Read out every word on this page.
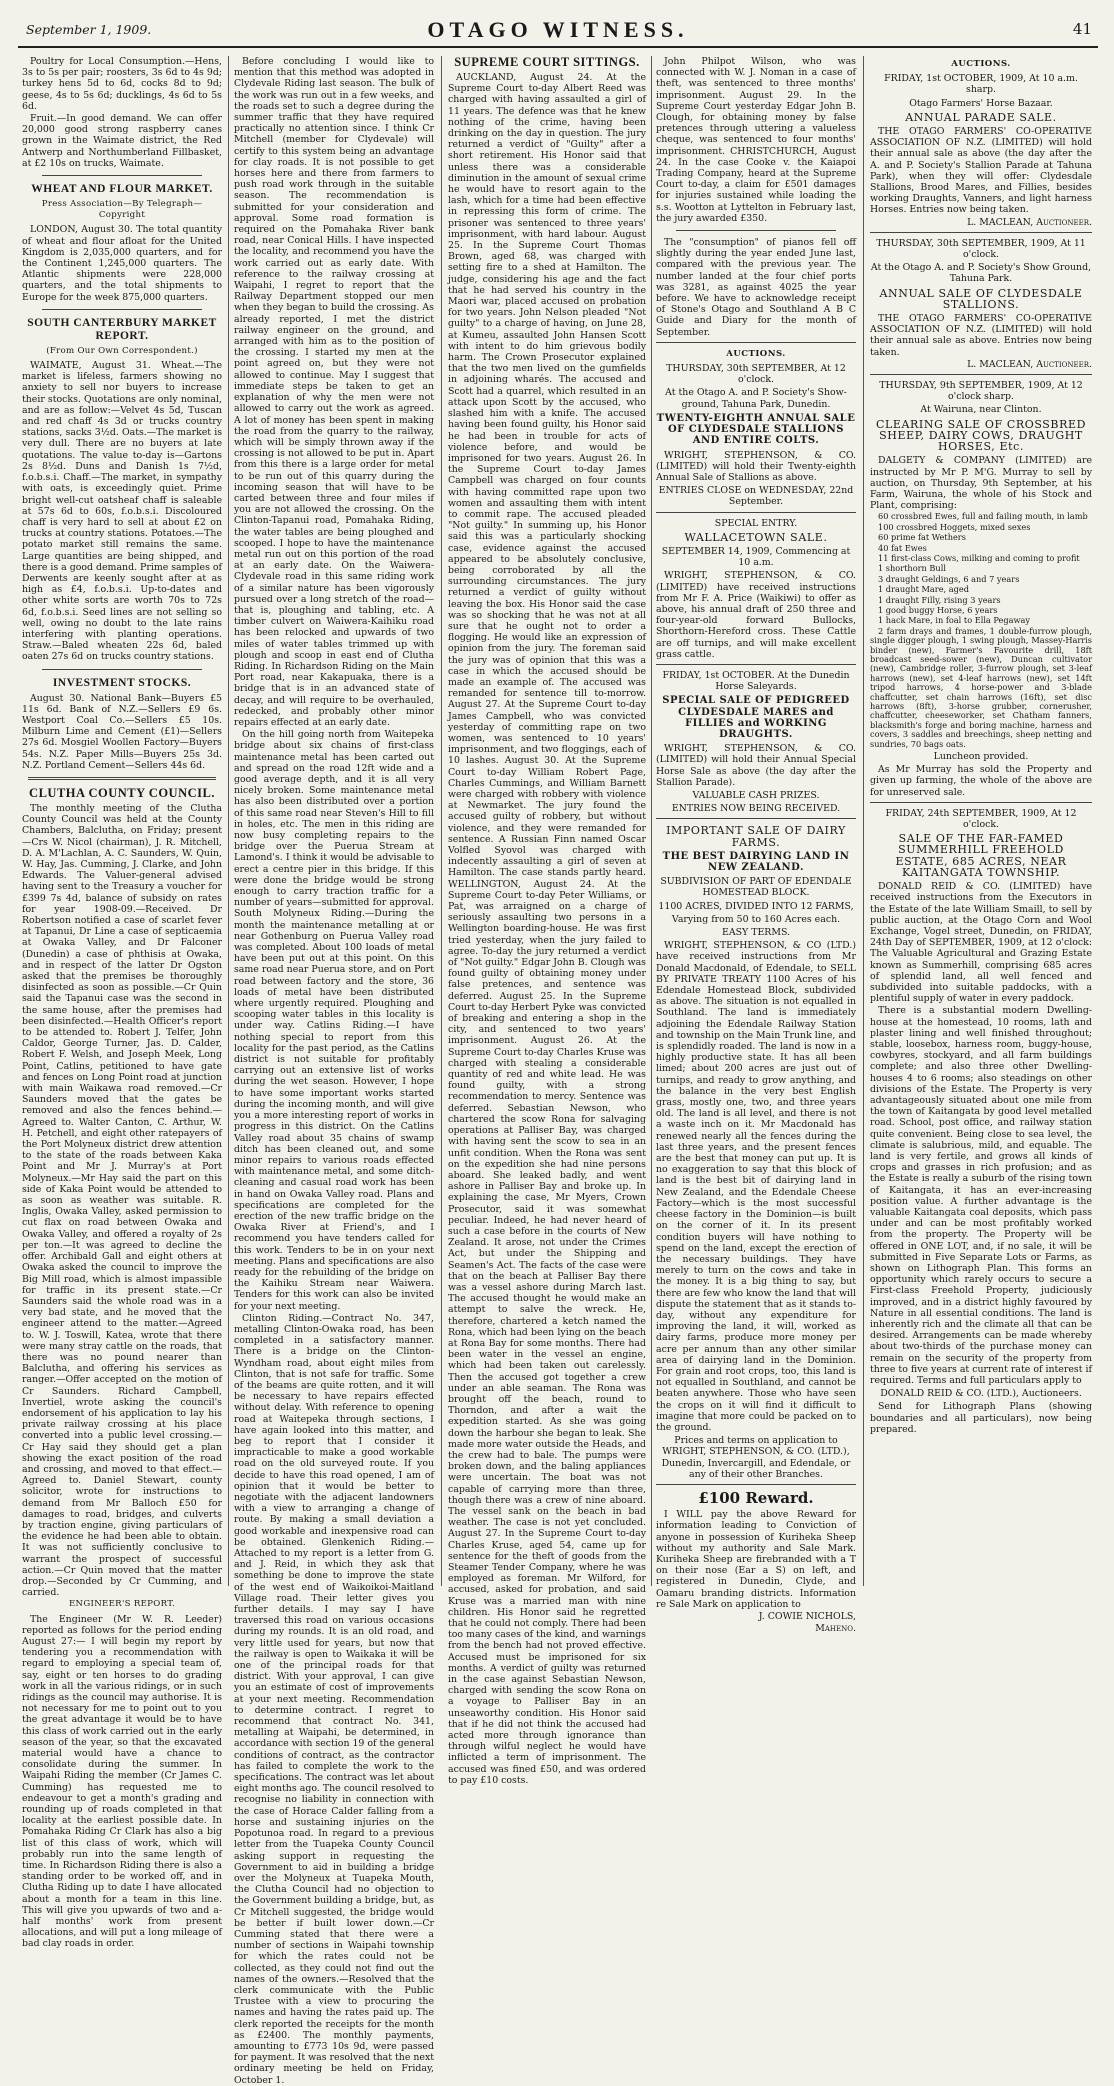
September 1, 1909.	OTAGO WITNESS.	41

Poultry for Local Consumption.—Hens, 3s to 5s per pair; roosters, 3s 6d to 4s 9d; turkey hens 5d to 6d, cocks 8d to 9d; geese, 4s to 5s 6d; ducklings, 4s 6d to 5s 6d.

Fruit.—In good demand. We can offer 20,000 good strong raspberry canes grown in the Waimate district, the Red Antwerp and Northumberland Fillbasket, at £2 10s on trucks, Waimate.

WHEAT AND FLOUR MARKET.
Press Association—By Telegraph—Copyright

LONDON, August 30. The total quantity of wheat and flour afloat for the United Kingdom is 2,035,000 quarters, and for the Continent 1,245,000 quarters. The Atlantic shipments were 228,000 quarters, and the total shipments to Europe for the week 875,000 quarters.

SOUTH CANTERBURY MARKET REPORT.
(From Our Own Correspondent.)

WAIMATE, August 31. Wheat.—The market is lifeless, farmers showing no anxiety to sell nor buyers to increase their stocks. Quotations are only nominal, and are as follow:—Velvet 4s 5d, Tuscan and red chaff 4s 3d or trucks country stations, sacks 3½d. Oats.—The market is very dull. There are no buyers at late quotations. The value to-day is—Gartons 2s 8½d. Duns and Danish 1s 7½d, f.o.b.s.i. Chaff.—The market, in sympathy with oats, is exceedingly quiet. Prime bright well-cut oatsheaf chaff is saleable at 57s 6d to 60s, f.o.b.s.i. Discoloured chaff is very hard to sell at about £2 on trucks at country stations. Potatoes.—The potato market still remains the same. Large quantities are being shipped, and there is a good demand. Prime samples of Derwents are keenly sought after at as high as £4, f.o.b.s.i. Up-to-dates and other white sorts are worth 70s to 72s 6d, f.o.b.s.i. Seed lines are not selling so well, owing no doubt to the late rains interfering with planting operations. Straw.—Baled wheaten 22s 6d, baled oaten 27s 6d on trucks country stations.

INVESTMENT STOCKS.

August 30. National Bank—Buyers £5 11s 6d. Bank of N.Z.—Sellers £9 6s. Westport Coal Co.—Sellers £5 10s. Milburn Lime and Cement (£1)—Sellers 27s 6d. Mosgiel Woollen Factory—Buyers 54s. N.Z. Paper Mills—Buyers 25s 3d. N.Z. Portland Cement—Sellers 44s 6d.

CLUTHA COUNTY COUNCIL.

The monthly meeting of the Clutha County Council was held at the County Chambers, Balclutha, on Friday; present—Crs W. Nicol (chairman), J. R. Mitchell, D. A. M'Lachlan, A. C. Saunders, W. Quin, W. Hay, Jas. Cumming, J. Clarke, and John Edwards. The Valuer-general advised having sent to the Treasury a voucher for £399 7s 4d, balance of subsidy on rates for year 1908-09.—Received. Dr Robertson notified a case of scarlet fever at Tapanui, Dr Line a case of septicaemia at Owaka Valley, and Dr Falconer (Dunedin) a case of phthisis at Owaka, and in respect of the latter Dr Ogston asked that the premises be thoroughly disinfected as soon as possible.—Cr Quin said the Tapanui case was the second in the same house, after the premises had been disinfected.—Health Officer's report to be attended to. Robert J. Telfer, John Caldor, George Turner, Jas. D. Calder, Robert F. Welsh, and Joseph Meek, Long Point, Catlins, petitioned to have gate and fences on Long Point road at junction with main Waikawa road removed.—Cr Saunders moved that the gates be removed and also the fences behind.—Agreed to. Walter Canton, C. Arthur, W. H. Petchell, and eight other ratepayers of the Port Molyneux district drew attention to the state of the roads between Kaka Point and Mr J. Murray's at Port Molyneux.—Mr Hay said the part on this side of Kaka Point would be attended to as soon as weather was suitable. R. Inglis, Owaka Valley, asked permission to cut flax on road between Owaka and Owaka Valley, and offered a royalty of 2s per ton.—It was agreed to decline the offer. Archibald Gall and eight others at Owaka asked the council to improve the Big Mill road, which is almost impassible for traffic in its present state.—Cr Saunders said the whole road was in a very bad state, and he moved that the engineer attend to the matter.—Agreed to. W. J. Toswill, Katea, wrote that there were many stray cattle on the roads, that there was no pound nearer than Balclutha, and offering his services as ranger.—Offer accepted on the motion of Cr Saunders. Richard Campbell, Invertiel, wrote asking the council's endorsement of his application to lay his private railway crossing at his place converted into a public level crossing.—Cr Hay said they should get a plan showing the exact position of the road and crossing, and moved to that effect.—Agreed to. Daniel Stewart, county solicitor, wrote for instructions to demand from Mr Balloch £50 for damages to road, bridges, and culverts by traction engine, giving particulars of the evidence he had been able to obtain. It was not sufficiently conclusive to warrant the prospect of successful action.—Cr Quin moved that the matter drop.—Seconded by Cr Cumming, and carried.

ENGINEER'S REPORT.

The Engineer (Mr W. R. Leeder) reported as follows for the period ending August 27:— I will begin my report by tendering you a recommendation with regard to employing a special team of, say, eight or ten horses to do grading work in all the various ridings, or in such ridings as the council may authorise. It is not necessary for me to point out to you the great advantage it would be to have this class of work carried out in the early season of the year, so that the excavated material would have a chance to consolidate during the summer. In Waipahi Riding the member (Cr James C. Cumming) has requested me to endeavour to get a month's grading and rounding up of roads completed in that locality at the earliest possible date. In Pomahaka Riding Cr Clark has also a big list of this class of work, which will probably run into the same length of time. In Richardson Riding there is also a standing order to be worked off, and in Clutha Riding up to date I have allocated about a month for a team in this line. This will give you upwards of two and a-half months' work from present allocations, and will put a long mileage of bad clay roads in order.

Before concluding I would like to mention that this method was adopted in Clydevale Riding last season. The bulk of the work was run out in a few weeks, and the roads set to such a degree during the summer traffic that they have required practically no attention since. I think Cr Mitchell (member for Clydevale) will certify to this system being an advantage for clay roads. It is not possible to get horses here and there from farmers to push road work through in the suitable season. The recommendation is submitted for your consideration and approval. Some road formation is required on the Pomahaka River bank road, near Conical Hills. I have inspected the locality, and recommend you have the work carried out as early date. With reference to the railway crossing at Waipahi, I regret to report that the Railway Department stopped our men when they began to build the crossing. As already reported, I met the district railway engineer on the ground, and arranged with him as to the position of the crossing. I started my men at the point agreed on, but they were not allowed to continue. May I suggest that immediate steps be taken to get an explanation of why the men were not allowed to carry out the work as agreed. A lot of money has been spent in making the road from the quarry to the railway, which will be simply thrown away if the crossing is not allowed to be put in. Apart from this there is a large order for metal to be run out of this quarry during the incoming season that will have to be carted between three and four miles if you are not allowed the crossing. On the Clinton-Tapanui road, Pomahaka Riding, the water tables are being ploughed and scooped. I hope to have the maintenance metal run out on this portion of the road at an early date. On the Waiwera-Clydevale road in this same riding work of a similar nature has been vigorously pursued over a long stretch of the road—that is, ploughing and tabling, etc. A timber culvert on Waiwera-Kaihiku road has been relocked and upwards of two miles of water tables trimmed up with plough and scoop in east end of Clutha Riding. In Richardson Riding on the Main Port road, near Kakapuaka, there is a bridge that is in an advanced state of decay, and will require to be overhauled, redecked, and probably other minor repairs effected at an early date.

On the hill going north from Waitepeka bridge about six chains of first-class maintenance metal has been carted out and spread on the road 12ft wide and a good average depth, and it is all very nicely broken. Some maintenance metal has also been distributed over a portion of this same road near Steven's Hill to fill in holes, etc. The men in this riding are now busy completing repairs to the bridge over the Puerua Stream at Lamond's. I think it would be advisable to erect a centre pier in this bridge. If this were done the bridge would be strong enough to carry traction traffic for a number of years—submitted for approval. South Molyneux Riding.—During the month the maintenance metalling at or near Gothenburg on Puerua Valley road was completed. About 100 loads of metal have been put out at this point. On this same road near Puerua store, and on Port road between factory and the store, 36 loads of metal have been distributed where urgently required. Ploughing and scooping water tables in this locality is under way. Catlins Riding.—I have nothing special to report from this locality for the past period, as the Catlins district is not suitable for profitably carrying out an extensive list of works during the wet season. However, I hope to have some important works started during the incoming month, and will give you a more interesting report of works in progress in this district. On the Catlins Valley road about 35 chains of swamp ditch has been cleaned out, and some minor repairs to various roads effected with maintenance metal, and some ditch-cleaning and casual road work has been in hand on Owaka Valley road. Plans and specifications are completed for the erection of the new traffic bridge on the Owaka River at Friend's, and I recommend you have tenders called for this work. Tenders to be in on your next meeting. Plans and specifications are also ready for the rebuilding of the bridge on the Kaihiku Stream near Waiwera. Tenders for this work can also be invited for your next meeting.

Clinton Riding.—Contract No. 347, metalling Clinton-Owaka road, has been completed in a satisfactory manner. There is a bridge on the Clinton-Wyndham road, about eight miles from Clinton, that is not safe for traffic. Some of the beams are quite rotten, and it will be necessary to have repairs effected without delay. With reference to opening road at Waitepeka through sections, I have again looked into this matter, and beg to report that I consider it impracticable to make a good workable road on the old surveyed route. If you decide to have this road opened, I am of opinion that it would be better to negotiate with the adjacent landowners with a view to arranging a change of route. By making a small deviation a good workable and inexpensive road can be obtained. Glenkenich Riding.—Attached to my report is a letter from G. and J. Reid, in which they ask that something be done to improve the state of the west end of Waikoikoi-Maitland Village road. Their letter gives you further details. I may say I have traversed this road on various occasions during my rounds. It is an old road, and very little used for years, but now that the railway is open to Waikaka it will be one of the principal roads for that district. With your approval, I can give you an estimate of cost of improvements at your next meeting. Recommendation to determine contract. I regret to recommend that contract No. 341, metalling at Waipahi, be determined, in accordance with section 19 of the general conditions of contract, as the contractor has failed to complete the work to the specifications. The contract was let about eight months ago. The council resolved to recognise no liability in connection with the case of Horace Calder falling from a horse and sustaining injuries on the Popotunoa road. In regard to a previous letter from the Tuapeka County Council asking support in requesting the Government to aid in building a bridge over the Molyneux at Tuapeka Mouth, the Clutha Council had no objection to the Government building a bridge, but, as Cr Mitchell suggested, the bridge would be better if built lower down.—Cr Cumming stated that there were a number of sections in Waipahi township for which the rates could not be collected, as they could not find out the names of the owners.—Resolved that the clerk communicate with the Public Trustee with a view to procuring the names and having the rates paid up. The clerk reported the receipts for the month as £2400. The monthly payments, amounting to £773 10s 9d, were passed for payment. It was resolved that the next ordinary meeting be held on Friday, October 1.

SUPREME COURT SITTINGS.

AUCKLAND, August 24. At the Supreme Court to-day Albert Reed was charged with having assaulted a girl of 11 years. The defence was that he knew nothing of the crime, having been drinking on the day in question. The jury returned a verdict of "Guilty" after a short retirement. His Honor said that unless there was a considerable diminution in the amount of sexual crime he would have to resort again to the lash, which for a time had been effective in repressing this form of crime. The prisoner was sentenced to three years' imprisonment, with hard labour. August 25. In the Supreme Court Thomas Brown, aged 68, was charged with setting fire to a shed at Hamilton. The judge, considering his age and the fact that he had served his country in the Maori war, placed accused on probation for two years. John Nelson pleaded "Not guilty" to a charge of having, on June 28, at Kumeu, assaulted John Hansen Scott with intent to do him grievous bodily harm. The Crown Prosecutor explained that the two men lived on the gumfields in adjoining wharés. The accused and Scott had a quarrel, which resulted in an attack upon Scott by the accused, who slashed him with a knife. The accused having been found guilty, his Honor said he had been in trouble for acts of violence before, and would be imprisoned for two years. August 26. In the Supreme Court to-day James Campbell was charged on four counts with having committed rape upon two women and assaulting them with intent to commit rape. The accused pleaded "Not guilty." In summing up, his Honor said this was a particularly shocking case, evidence against the accused appeared to be absolutely conclusive, being corroborated by all the surrounding circumstances. The jury returned a verdict of guilty without leaving the box. His Honor said the case was so shocking that he was not at all sure that he ought not to order a flogging. He would like an expression of opinion from the jury. The foreman said the jury was of opinion that this was a case in which the accused should be made an example of. The accused was remanded for sentence till to-morrow. August 27. At the Supreme Court to-day James Campbell, who was convicted yesterday of committing rape on two women, was sentenced to 10 years' imprisonment, and two floggings, each of 10 lashes. August 30. At the Supreme Court to-day William Robert Page, Charles Cummings, and William Barnett were charged with robbery with violence at Newmarket. The jury found the accused guilty of robbery, but without violence, and they were remanded for sentence. A Russian Finn named Oscar Volfled Syovol was charged with indecently assaulting a girl of seven at Hamilton. The case stands partly heard. WELLINGTON, August 24. At the Supreme Court to-day Peter Williams, or Pat, was arraigned on a charge of seriously assaulting two persons in a Wellington boarding-house. He was first tried yesterday, when the jury failed to agree. To-day the jury returned a verdict of "Not guilty." Edgar John B. Clough was found guilty of obtaining money under false pretences, and sentence was deferred. August 25. In the Supreme Court to-day Herbert Pyke was convicted of breaking and entering a shop in the city, and sentenced to two years' imprisonment. August 26. At the Supreme Court to-day Charles Kruse was charged with stealing a considerable quantity of red and white lead. He was found guilty, with a strong recommendation to mercy. Sentence was deferred. Sebastian Newson, who chartered the scow Rona for salvaging operations at Palliser Bay, was charged with having sent the scow to sea in an unfit condition. When the Rona was sent on the expedition she had nine persons aboard. She leaked badly, and went ashore in Palliser Bay and broke up. In explaining the case, Mr Myers, Crown Prosecutor, said it was somewhat peculiar. Indeed, he had never heard of such a case before in the courts of New Zealand. It arose, not under the Crimes Act, but under the Shipping and Seamen's Act. The facts of the case were that on the beach at Palliser Bay there was a vessel ashore during March last. The accused thought he would make an attempt to salve the wreck. He, therefore, chartered a ketch named the Rona, which had been lying on the beach at Rona Bay for some months. There had been water in the vessel an engine, which had been taken out carelessly. Then the accused got together a crew under an able seaman. The Rona was brought off the beach, round to Thorndon, and after a wait the expedition started. As she was going down the harbour she began to leak. She made more water outside the Heads, and the crew had to bale. The pumps were broken down, and the baling appliances were uncertain. The boat was not capable of carrying more than three, though there was a crew of nine aboard. The vessel sank on the beach in bad weather. The case is not yet concluded. August 27. In the Supreme Court to-day Charles Kruse, aged 54, came up for sentence for the theft of goods from the Steamer Tender Company, where he was employed as foreman. Mr Wilford, for accused, asked for probation, and said Kruse was a married man with nine children. His Honor said he regretted that he could not comply. There had been too many cases of the kind, and warnings from the bench had not proved effective. Accused must be imprisoned for six months. A verdict of guilty was returned in the case against Sebastian Newson, charged with sending the scow Rona on a voyage to Palliser Bay in an unseaworthy condition. His Honor said that if he did not think the accused had acted more through ignorance than through wilful neglect he would have inflicted a term of imprisonment. The accused was fined £50, and was ordered to pay £10 costs.

John Philpot Wilson, who was connected with W. J. Noman in a case of theft, was sentenced to three months' imprisonment. August 29. In the Supreme Court yesterday Edgar John B. Clough, for obtaining money by false pretences through uttering a valueless cheque, was sentenced to four months' imprisonment. CHRISTCHURCH, August 24. In the case Cooke v. the Kaiapoi Trading Company, heard at the Supreme Court to-day, a claim for £501 damages for injuries sustained while loading the s.s. Wootton at Lyttelton in February last, the jury awarded £350.

The "consumption" of pianos fell off slightly during the year ended June last, compared with the previous year. The number landed at the four chief ports was 3281, as against 4025 the year before. We have to acknowledge receipt of Stone's Otago and Southland A B C Guide and Diary for the month of September.

AUCTIONS.

THURSDAY, 30th SEPTEMBER, At 12 o'clock.

At the Otago A. and P. Society's Show-ground, Tahuna Park, Dunedin.

TWENTY-EIGHTH ANNUAL SALE OF CLYDESDALE STALLIONS AND ENTIRE COLTS.

WRIGHT, STEPHENSON, & CO. (LIMITED) will hold their Twenty-eighth Annual Sale of Stallions as above.

ENTRIES CLOSE on WEDNESDAY, 22nd September.

SPECIAL ENTRY.

WALLACETOWN SALE.

SEPTEMBER 14, 1909, Commencing at 10 a.m.

WRIGHT, STEPHENSON, & CO. (LIMITED) have received instructions from Mr F. A. Price (Waikiwi) to offer as above, his annual draft of 250 three and four-year-old forward Bullocks, Shorthorn-Hereford cross. These Cattle are off turnips, and will make excellent grass cattle.

FRIDAY, 1st OCTOBER. At the Dunedin Horse Saleyards.

SPECIAL SALE OF PEDIGREED CLYDESDALE MARES and FILLIES and WORKING DRAUGHTS.

WRIGHT, STEPHENSON, & CO. (LIMITED) will hold their Annual Special Horse Sale as above (the day after the Stallion Parade).

VALUABLE CASH PRIZES.

ENTRIES NOW BEING RECEIVED.

IMPORTANT SALE OF DAIRY FARMS.

THE BEST DAIRYING LAND IN NEW ZEALAND.

SUBDIVISION OF PART OF EDENDALE HOMESTEAD BLOCK.

1100 ACRES, DIVIDED INTO 12 FARMS,

Varying from 50 to 160 Acres each.

EASY TERMS.

WRIGHT, STEPHENSON, & CO (LTD.) have received instructions from Mr Donald Macdonald, of Edendale, to SELL BY PRIVATE TREATY 1100 Acres of his Edendale Homestead Block, subdivided as above. The situation is not equalled in Southland. The land is immediately adjoining the Edendale Railway Station and township on the Main Trunk line, and is splendidly roaded. The land is now in a highly productive state. It has all been limed; about 200 acres are just out of turnips, and ready to grow anything, and the balance in the very best English grass, mostly one, two, and three years old. The land is all level, and there is not a waste inch on it. Mr Macdonald has renewed nearly all the fences during the last three years, and the present fences are the best that money can put up. It is no exaggeration to say that this block of land is the best bit of dairying land in New Zealand, and the Edendale Cheese Factory—which is the most successful cheese factory in the Dominion—is built on the corner of it. In its present condition buyers will have nothing to spend on the land, except the erection of the necessary buildings. They have merely to turn on the cows and take in the money. It is a big thing to say, but there are few who know the land that will dispute the statement that as it stands to-day, without any expenditure for improving the land, it will, worked as dairy farms, produce more money per acre per annum than any other similar area of dairying land in the Dominion. For grain and root crops, too, this land is not equalled in Southland, and cannot be beaten anywhere. Those who have seen the crops on it will find it difficult to imagine that more could be packed on to the ground.

Prices and terms on application to WRIGHT, STEPHENSON, & CO. (LTD.), Dunedin, Invercargill, and Edendale, or any of their other Branches.

£100 Reward.

I WILL pay the above Reward for information leading to Conviction of anyone in possession of Kuriheka Sheep without my authority and Sale Mark. Kuriheka Sheep are firebranded with a T on their nose (Ear a S) on left, and registered in Dunedin, Clyde, and Oamaru branding districts. Information re Sale Mark on application to

J. COWIE NICHOLS,

Maheno.

AUCTIONS.

FRIDAY, 1st OCTOBER, 1909, At 10 a.m. sharp.

Otago Farmers' Horse Bazaar.

ANNUAL PARADE SALE.

THE OTAGO FARMERS' CO-OPERATIVE ASSOCIATION OF N.Z. (LIMITED) will hold their annual sale as above (the day after the A. and P. Society's Stallion Parade at Tahuna Park), when they will offer: Clydesdale Stallions, Brood Mares, and Fillies, besides working Draughts, Vanners, and light harness Horses. Entries now being taken.

L. MACLEAN, Auctioneer.

THURSDAY, 30th SEPTEMBER, 1909, At 11 o'clock.

At the Otago A. and P. Society's Show Ground, Tahuna Park.

ANNUAL SALE OF CLYDESDALE STALLIONS.

THE OTAGO FARMERS' CO-OPERATIVE ASSOCIATION OF N.Z. (LIMITED) will hold their annual sale as above. Entries now being taken.

L. MACLEAN, Auctioneer.

THURSDAY, 9th SEPTEMBER, 1909, At 12 o'clock sharp.

At Wairuna, near Clinton.

CLEARING SALE OF CROSSBRED SHEEP, DAIRY COWS, DRAUGHT HORSES, Etc.

DALGETY & COMPANY (LIMITED) are instructed by Mr P. M'G. Murray to sell by auction, on Thursday, 9th September, at his Farm, Wairuna, the whole of his Stock and Plant, comprising:

60 crossbred Ewes, full and failing mouth, in lamb

100 crossbred Hoggets, mixed sexes

60 prime fat Wethers

40 fat Ewes

11 first-class Cows, milking and coming to profit

1 shorthorn Bull

3 draught Geldings, 6 and 7 years

1 draught Mare, aged

1 draught Filly, rising 3 years

1 good buggy Horse, 6 years

1 hack Mare, in foal to Ella Pegaway

2 farm drays and frames, 1 double-furrow plough, single digger plough, 1 swing plough, Massey-Harris binder (new), Farmer's Favourite drill, 18ft broadcast seed-sower (new), Duncan cultivator (new), Cambridge roller, 3-furrow plough, set 3-leaf harrows (new), set 4-leaf harrows (new), set 14ft tripod harrows, 4 horse-power and 3-blade chaffcutter, set chain harrows (16ft), set disc harrows (8ft), 3-horse grubber, cornerusher, chaffcutter, cheeseworker, set Chatham fanners, blacksmith's forge and boring machine, harness and covers, 3 saddles and breechings, sheep netting and sundries, 70 bags oats.

Luncheon provided.

As Mr Murray has sold the Property and given up farming, the whole of the above are for unreserved sale.

FRIDAY, 24th SEPTEMBER, 1909, At 12 o'clock.

SALE OF THE FAR-FAMED SUMMERHILL FREEHOLD ESTATE, 685 ACRES, NEAR KAITANGATA TOWNSHIP.

DONALD REID & CO. (LIMITED) have received instructions from the Executors in the Estate of the late William Smaill, to sell by public auction, at the Otago Corn and Wool Exchange, Vogel street, Dunedin, on FRIDAY, 24th Day of SEPTEMBER, 1909, at 12 o'clock: The Valuable Agricultural and Grazing Estate known as Summerhill, comprising 685 acres of splendid land, all well fenced and subdivided into suitable paddocks, with a plentiful supply of water in every paddock.

There is a substantial modern Dwelling-house at the homestead, 10 rooms, lath and plaster lining and well finished throughout; stable, loosebox, harness room, buggy-house, cowbyres, stockyard, and all farm buildings complete; and also three other Dwelling-houses 4 to 6 rooms; also steadings on other divisions of the Estate. The Property is very advantageously situated about one mile from the town of Kaitangata by good level metalled road. School, post office, and railway station quite convenient. Being close to sea level, the climate is salubrious, mild, and equable. The land is very fertile, and grows all kinds of crops and grasses in rich profusion; and as the Estate is really a suburb of the rising town of Kaitangata, it has an ever-increasing position value. A further advantage is the valuable Kaitangata coal deposits, which pass under and can be most profitably worked from the property. The Property will be offered in ONE LOT, and, if no sale, it will be submitted in Five Separate Lots or Farms, as shown on Lithograph Plan. This forms an opportunity which rarely occurs to secure a First-class Freehold Property, judiciously improved, and in a district highly favoured by Nature in all essential conditions. The land is inherently rich and the climate all that can be desired. Arrangements can be made whereby about two-thirds of the purchase money can remain on the security of the property from three to five years at current rate of interest if required. Terms and full particulars apply to

DONALD REID & CO. (LTD.), Auctioneers.

Send for Lithograph Plans (showing boundaries and all particulars), now being prepared.
